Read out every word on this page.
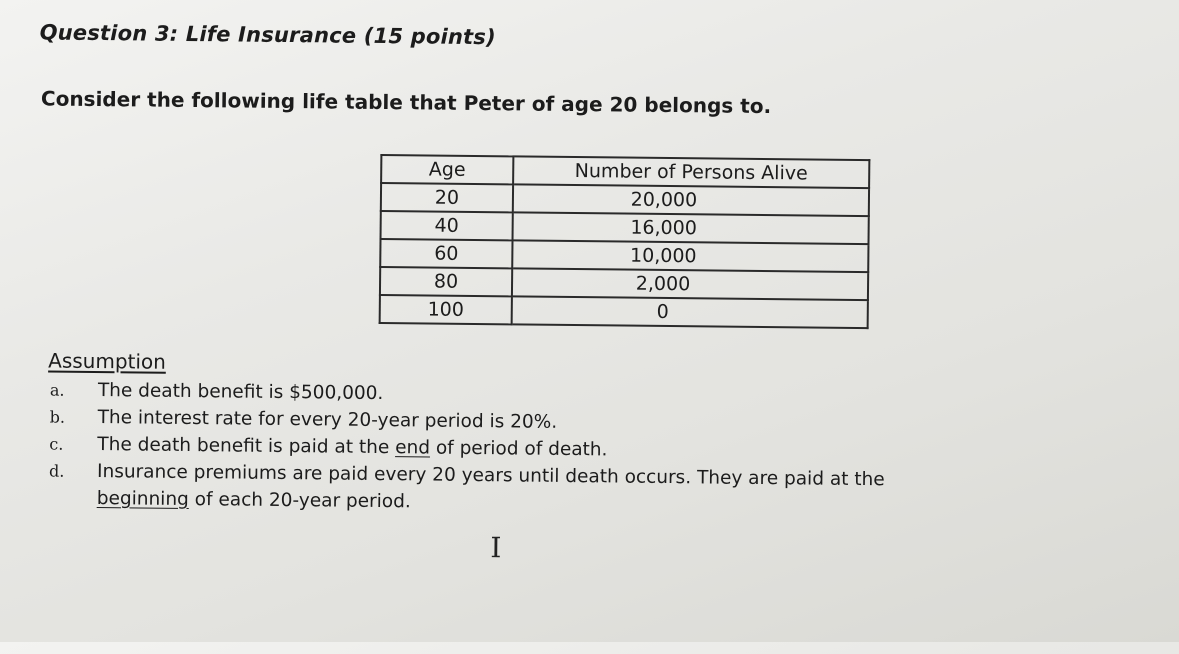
Question 3: Life Insurance (15 points)
Consider the following life table that Peter of age 20 belongs to.
Age	Number of Persons Alive
20	20,000
40	16,000
60	10,000
80	2,000
100	0
Assumption
a. The death benefit is $500,000.
b. The interest rate for every 20-year period is 20%.
c. The death benefit is paid at the end of period of death.
d. Insurance premiums are paid every 20 years until death occurs. They are paid at the
beginning of each 20-year period.
I
